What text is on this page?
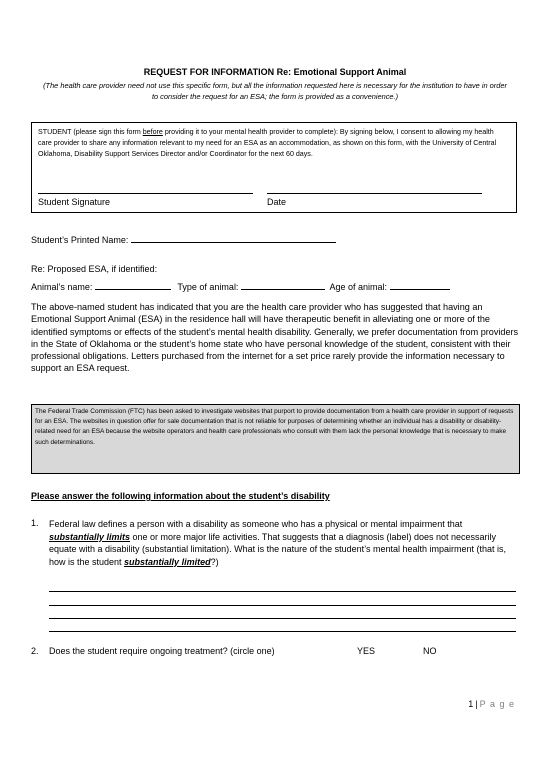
REQUEST FOR INFORMATION Re: Emotional Support Animal
(The health care provider need not use this specific form, but all the information requested here is necessary for the institution to have in order to consider the request for an ESA; the form is provided as a convenience.)
STUDENT (please sign this form before providing it to your mental health provider to complete): By signing below, I consent to allowing my health care provider to share any information relevant to my need for an ESA as an accommodation, as shown on this form, with the University of Central Oklahoma, Disability Support Services Director and/or Coordinator for the next 60 days.
Student Signature	Date
Student’s Printed Name:
Re: Proposed ESA, if identified:
Animal’s name:	Type of animal:	Age of animal:
The above-named student has indicated that you are the health care provider who has suggested that having an Emotional Support Animal (ESA) in the residence hall will have therapeutic benefit in alleviating one or more of the identified symptoms or effects of the student’s mental health disability. Generally, we prefer documentation from providers in the State of Oklahoma or the student’s home state who have personal knowledge of the student, consistent with their professional obligations. Letters purchased from the internet for a set price rarely provide the information necessary to support an ESA request.
The Federal Trade Commission (FTC) has been asked to investigate websites that purport to provide documentation from a health care provider in support of requests for an ESA. The websites in question offer for sale documentation that is not reliable for purposes of determining whether an individual has a disability or disability-related need for an ESA because the website operators and health care professionals who consult with them lack the personal knowledge that is necessary to make such determinations.
Please answer the following information about the student’s disability
1. Federal law defines a person with a disability as someone who has a physical or mental impairment that substantially limits one or more major life activities. That suggests that a diagnosis (label) does not necessarily equate with a disability (substantial limitation). What is the nature of the student’s mental health impairment (that is, how is the student substantially limited?)
2. Does the student require ongoing treatment? (circle one)	YES	NO
1 | P a g e
